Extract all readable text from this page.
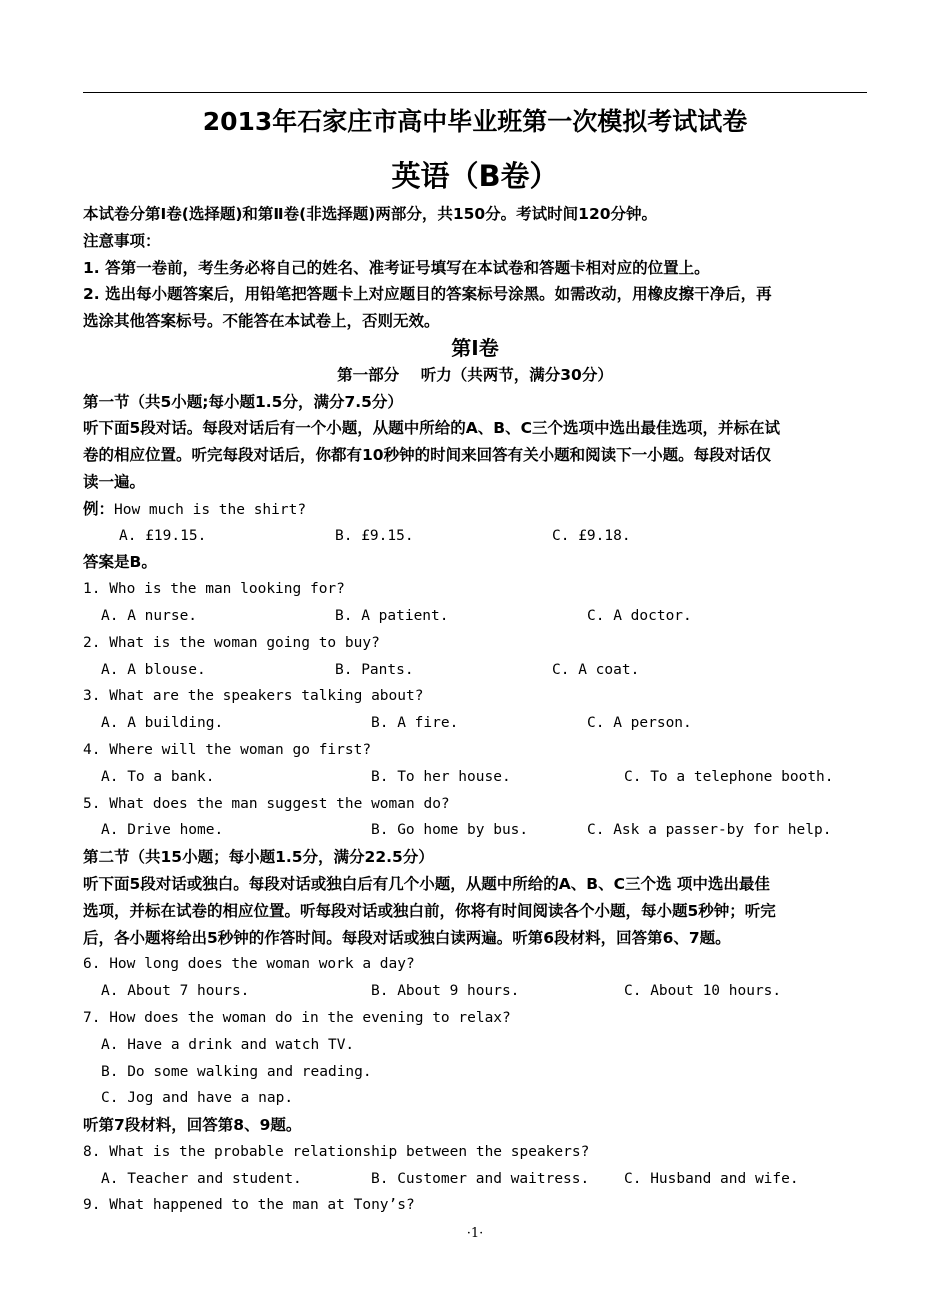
2013年石家庄市高中毕业班第一次模拟考试试卷
英语（B卷）
本试卷分第Ⅰ卷(选择题)和第Ⅱ卷(非选择题)两部分，共150分。考试时间120分钟。
注意事项：
1. 答第一卷前，考生务必将自己的姓名、准考证号填写在本试卷和答题卡相对应的位置上。
2. 选出每小题答案后，用铅笔把答题卡上对应题目的答案标号涂黑。如需改动，用橡皮擦干净后，再
选涂其他答案标号。不能答在本试卷上，否则无效。
第Ⅰ卷
第一部分    听力（共两节，满分30分）
第一节（共5小题;每小题1.5分，满分7.5分）
听下面5段对话。每段对话后有一个小题，从题中所给的A、B、C三个选项中选出最佳选项，并标在试
卷的相应位置。听完每段对话后，你都有10秒钟的时间来回答有关小题和阅读下一小题。每段对话仅
读一遍。
例：How much is the shirt?

A. £19.15.

	B. £9.15.

	C. £9.18.

答案是B。
1. Who is the man looking for?

A. A nurse.

	B. A patient.

	C. A doctor.

2. What is the woman going to buy?

A. A blouse.

	B. Pants.

	C. A coat.

3. What are the speakers talking about?

A. A building.

	B. A fire.

	C. A person.

4. Where will the woman go first?

A. To a bank.

	B. To her house.

	C. To a telephone booth.

5. What does the man suggest the woman do?

A. Drive home.

	B. Go home by bus.

	C. Ask a passer-by for help.

第二节（共15小题；每小题1.5分，满分22.5分）
听下面5段对话或独白。每段对话或独白后有几个小题，从题中所给的A、B、C三个选 项中选出最佳
选项，并标在试卷的相应位置。听每段对话或独白前，你将有时间阅读各个小题，每小题5秒钟；听完
后，各小题将给出5秒钟的作答时间。每段对话或独白读两遍。听第6段材料，回答第6、7题。
6. How long does the woman work a day?

A. About 7 hours.

	B. About 9 hours.

	C. About 10 hours.

7. How does the woman do in the evening to relax?
A. Have a drink and watch TV.
B. Do some walking and reading.
C. Jog and have a nap.
听第7段材料，回答第8、9题。
8. What is the probable relationship between the speakers?

A. Teacher and student.

	B. Customer and waitress.

C. Husband and wife.

9. What happened to the man at Tony’s?
·1·
